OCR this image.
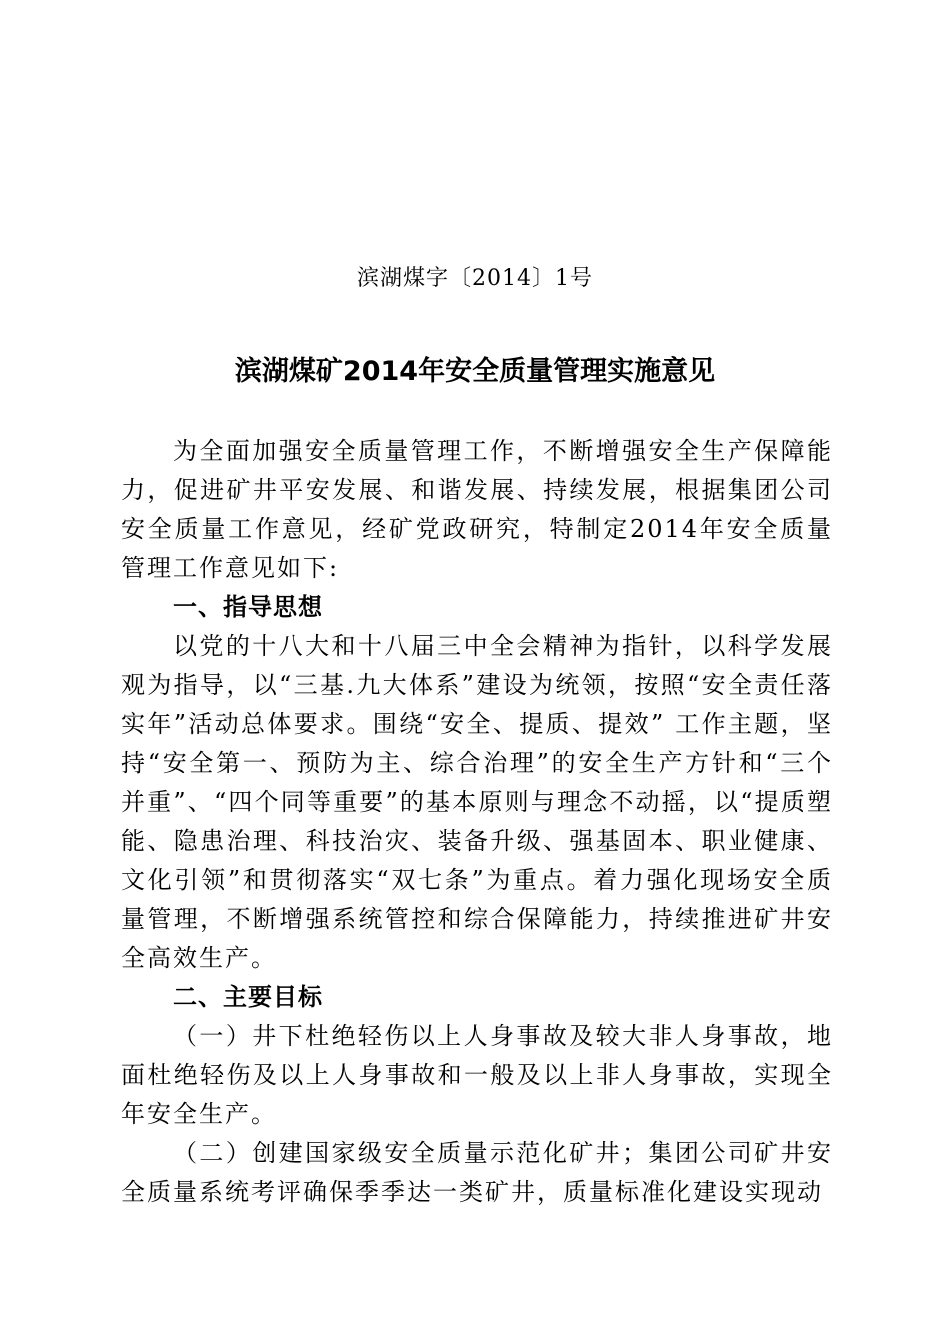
滨湖煤字〔2014〕1号
滨湖煤矿2014年安全质量管理实施意见

为全面加强安全质量管理工作，不断增强安全生产保障能力，促进矿井平安发展、和谐发展、持续发展，根据集团公司安全质量工作意见，经矿党政研究，特制定2014年安全质量管理工作意见如下:

一、指导思想

以党的十八大和十八届三中全会精神为指针，以科学发展观为指导，以“三基.九大体系”建设为统领，按照“安全责任落实年”活动总体要求。围绕“安全、提质、提效” 工作主题，坚持“安全第一、预防为主、综合治理”的安全生产方针和“三个并重”、“四个同等重要”的基本原则与理念不动摇，以“提质塑能、隐患治理、科技治灾、装备升级、强基固本、职业健康、文化引领”和贯彻落实“双七条”为重点。着力强化现场安全质量管理，不断增强系统管控和综合保障能力，持续推进矿井安全高效生产。

二、主要目标

（一）井下杜绝轻伤以上人身事故及较大非人身事故，地面杜绝轻伤及以上人身事故和一般及以上非人身事故，实现全年安全生产。

（二）创建国家级安全质量示范化矿井；集团公司矿井安全质量系统考评确保季季达一类矿井，质量标准化建设实现动
